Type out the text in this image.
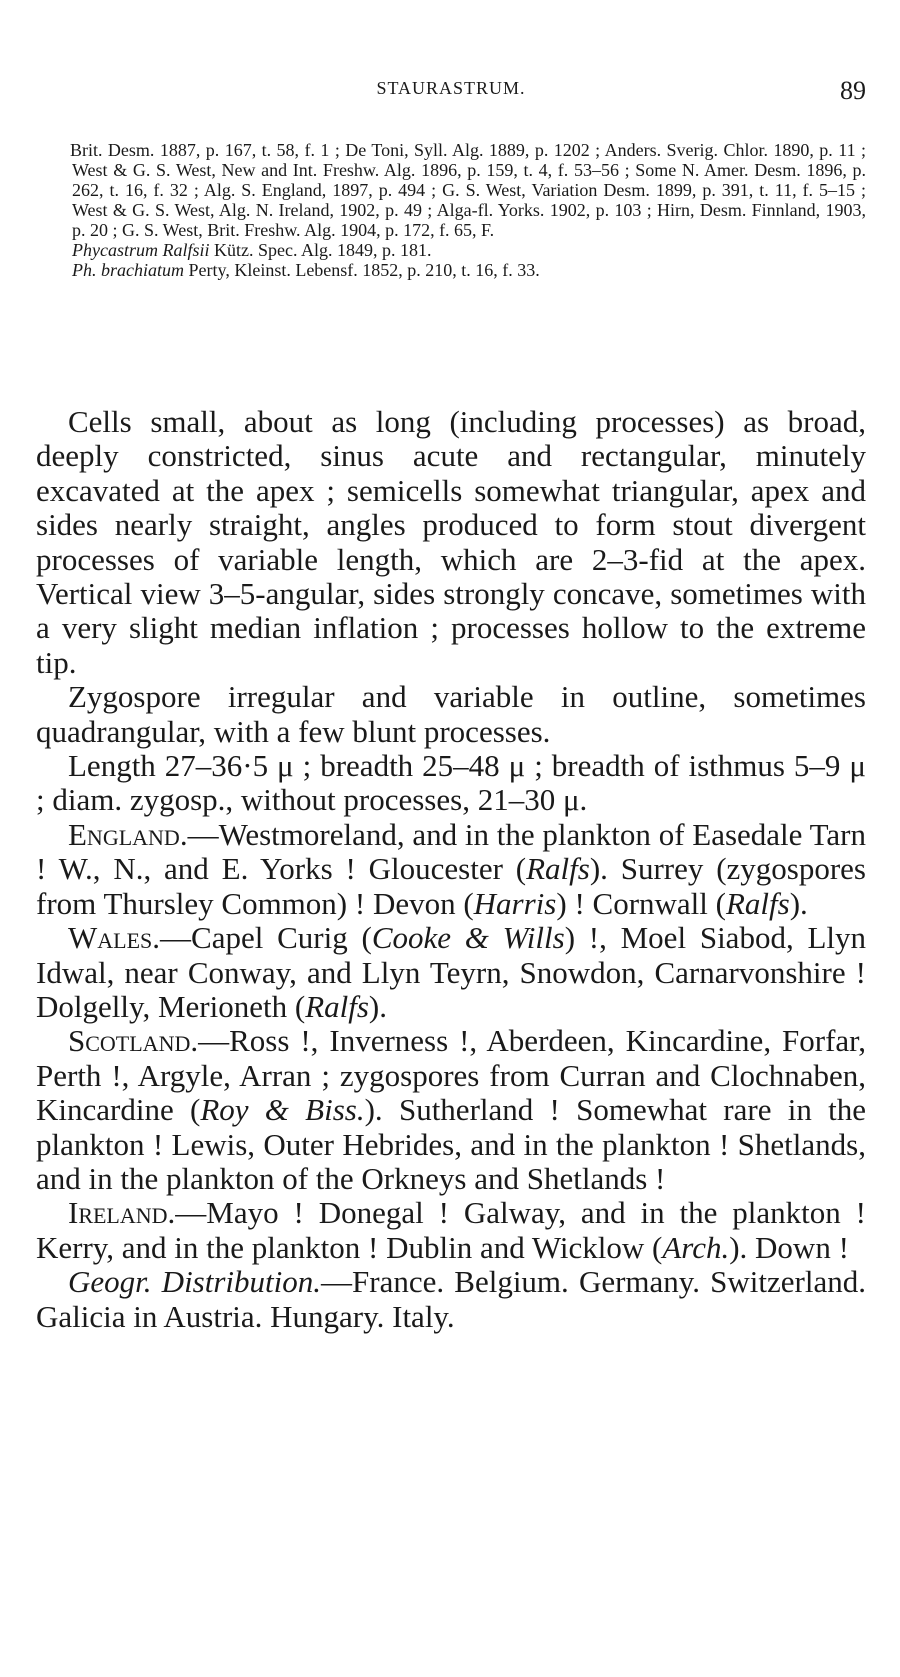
STAURASTRUM.	89
Brit. Desm. 1887, p. 167, t. 58, f. 1 ; De Toni, Syll. Alg. 1889, p. 1202 ; Anders. Sverig. Chlor. 1890, p. 11 ; West & G. S. West, New and Int. Freshw. Alg. 1896, p. 159, t. 4, f. 53–56 ; Some N. Amer. Desm. 1896, p. 262, t. 16, f. 32 ; Alg. S. England, 1897, p. 494 ; G. S. West, Variation Desm. 1899, p. 391, t. 11, f. 5–15 ; West & G. S. West, Alg. N. Ireland, 1902, p. 49 ; Alga-fl. Yorks. 1902, p. 103 ; Hirn, Desm. Finnland, 1903, p. 20 ; G. S. West, Brit. Freshw. Alg. 1904, p. 172, f. 65, F.
Phycastrum Ralfsii Kütz. Spec. Alg. 1849, p. 181.
Ph. brachiatum Perty, Kleinst. Lebensf. 1852, p. 210, t. 16, f. 33.

Cells small, about as long (including processes) as broad, deeply constricted, sinus acute and rectangular, minutely excavated at the apex ; semicells somewhat triangular, apex and sides nearly straight, angles produced to form stout divergent processes of variable length, which are 2–3-fid at the apex. Vertical view 3–5-angular, sides strongly concave, sometimes with a very slight median inflation ; processes hollow to the extreme tip.

Zygospore irregular and variable in outline, sometimes quadrangular, with a few blunt processes.

Length 27–36·5 μ ; breadth 25–48 μ ; breadth of isthmus 5–9 μ ; diam. zygosp., without processes, 21–30 μ.

England.—Westmoreland, and in the plankton of Easedale Tarn ! W., N., and E. Yorks ! Gloucester (Ralfs). Surrey (zygospores from Thursley Common) ! Devon (Harris) ! Cornwall (Ralfs).

Wales.—Capel Curig (Cooke & Wills) !, Moel Siabod, Llyn Idwal, near Conway, and Llyn Teyrn, Snowdon, Carnarvonshire ! Dolgelly, Merioneth (Ralfs).

Scotland.—Ross !, Inverness !, Aberdeen, Kincardine, Forfar, Perth !, Argyle, Arran ; zygospores from Curran and Clochnaben, Kincardine (Roy & Biss.). Sutherland ! Somewhat rare in the plankton ! Lewis, Outer Hebrides, and in the plankton ! Shetlands, and in the plankton of the Orkneys and Shetlands !

Ireland.—Mayo ! Donegal ! Galway, and in the plankton ! Kerry, and in the plankton ! Dublin and Wicklow (Arch.). Down !

Geogr. Distribution.—France. Belgium. Germany. Switzerland. Galicia in Austria. Hungary. Italy.
